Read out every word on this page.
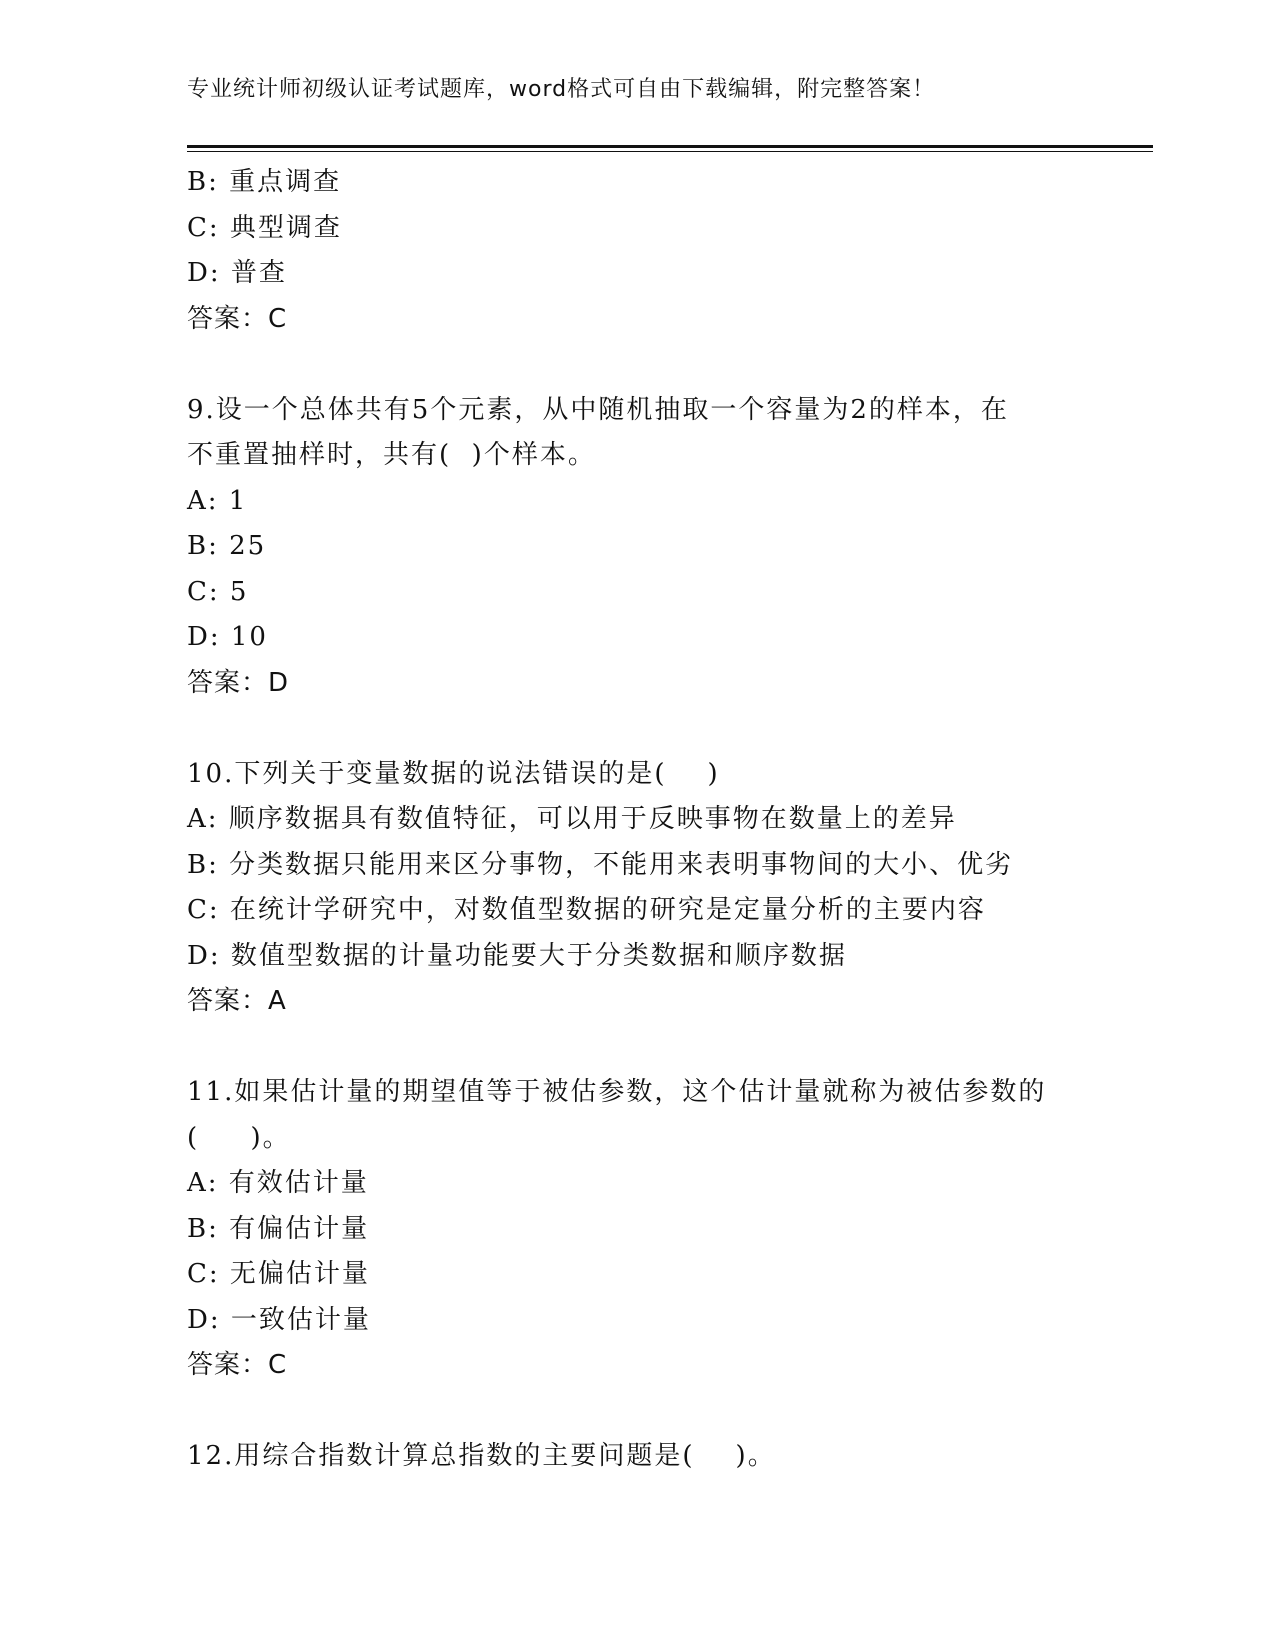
专业统计师初级认证考试题库，word格式可自由下载编辑，附完整答案！
B: 重点调查
C: 典型调查
D: 普查
答案：C
9.设一个总体共有5个元素，从中随机抽取一个容量为2的样本，在
不重置抽样时，共有(  )个样本。
A: 1
B: 25
C: 5
D: 10
答案：D
10.下列关于变量数据的说法错误的是(    )
A: 顺序数据具有数值特征，可以用于反映事物在数量上的差异
B: 分类数据只能用来区分事物，不能用来表明事物间的大小、优劣
C: 在统计学研究中，对数值型数据的研究是定量分析的主要内容
D: 数值型数据的计量功能要大于分类数据和顺序数据
答案：A
11.如果估计量的期望值等于被估参数，这个估计量就称为被估参数的
(     )。
A: 有效估计量
B: 有偏估计量
C: 无偏估计量
D: 一致估计量
答案：C
12.用综合指数计算总指数的主要问题是(    )。
